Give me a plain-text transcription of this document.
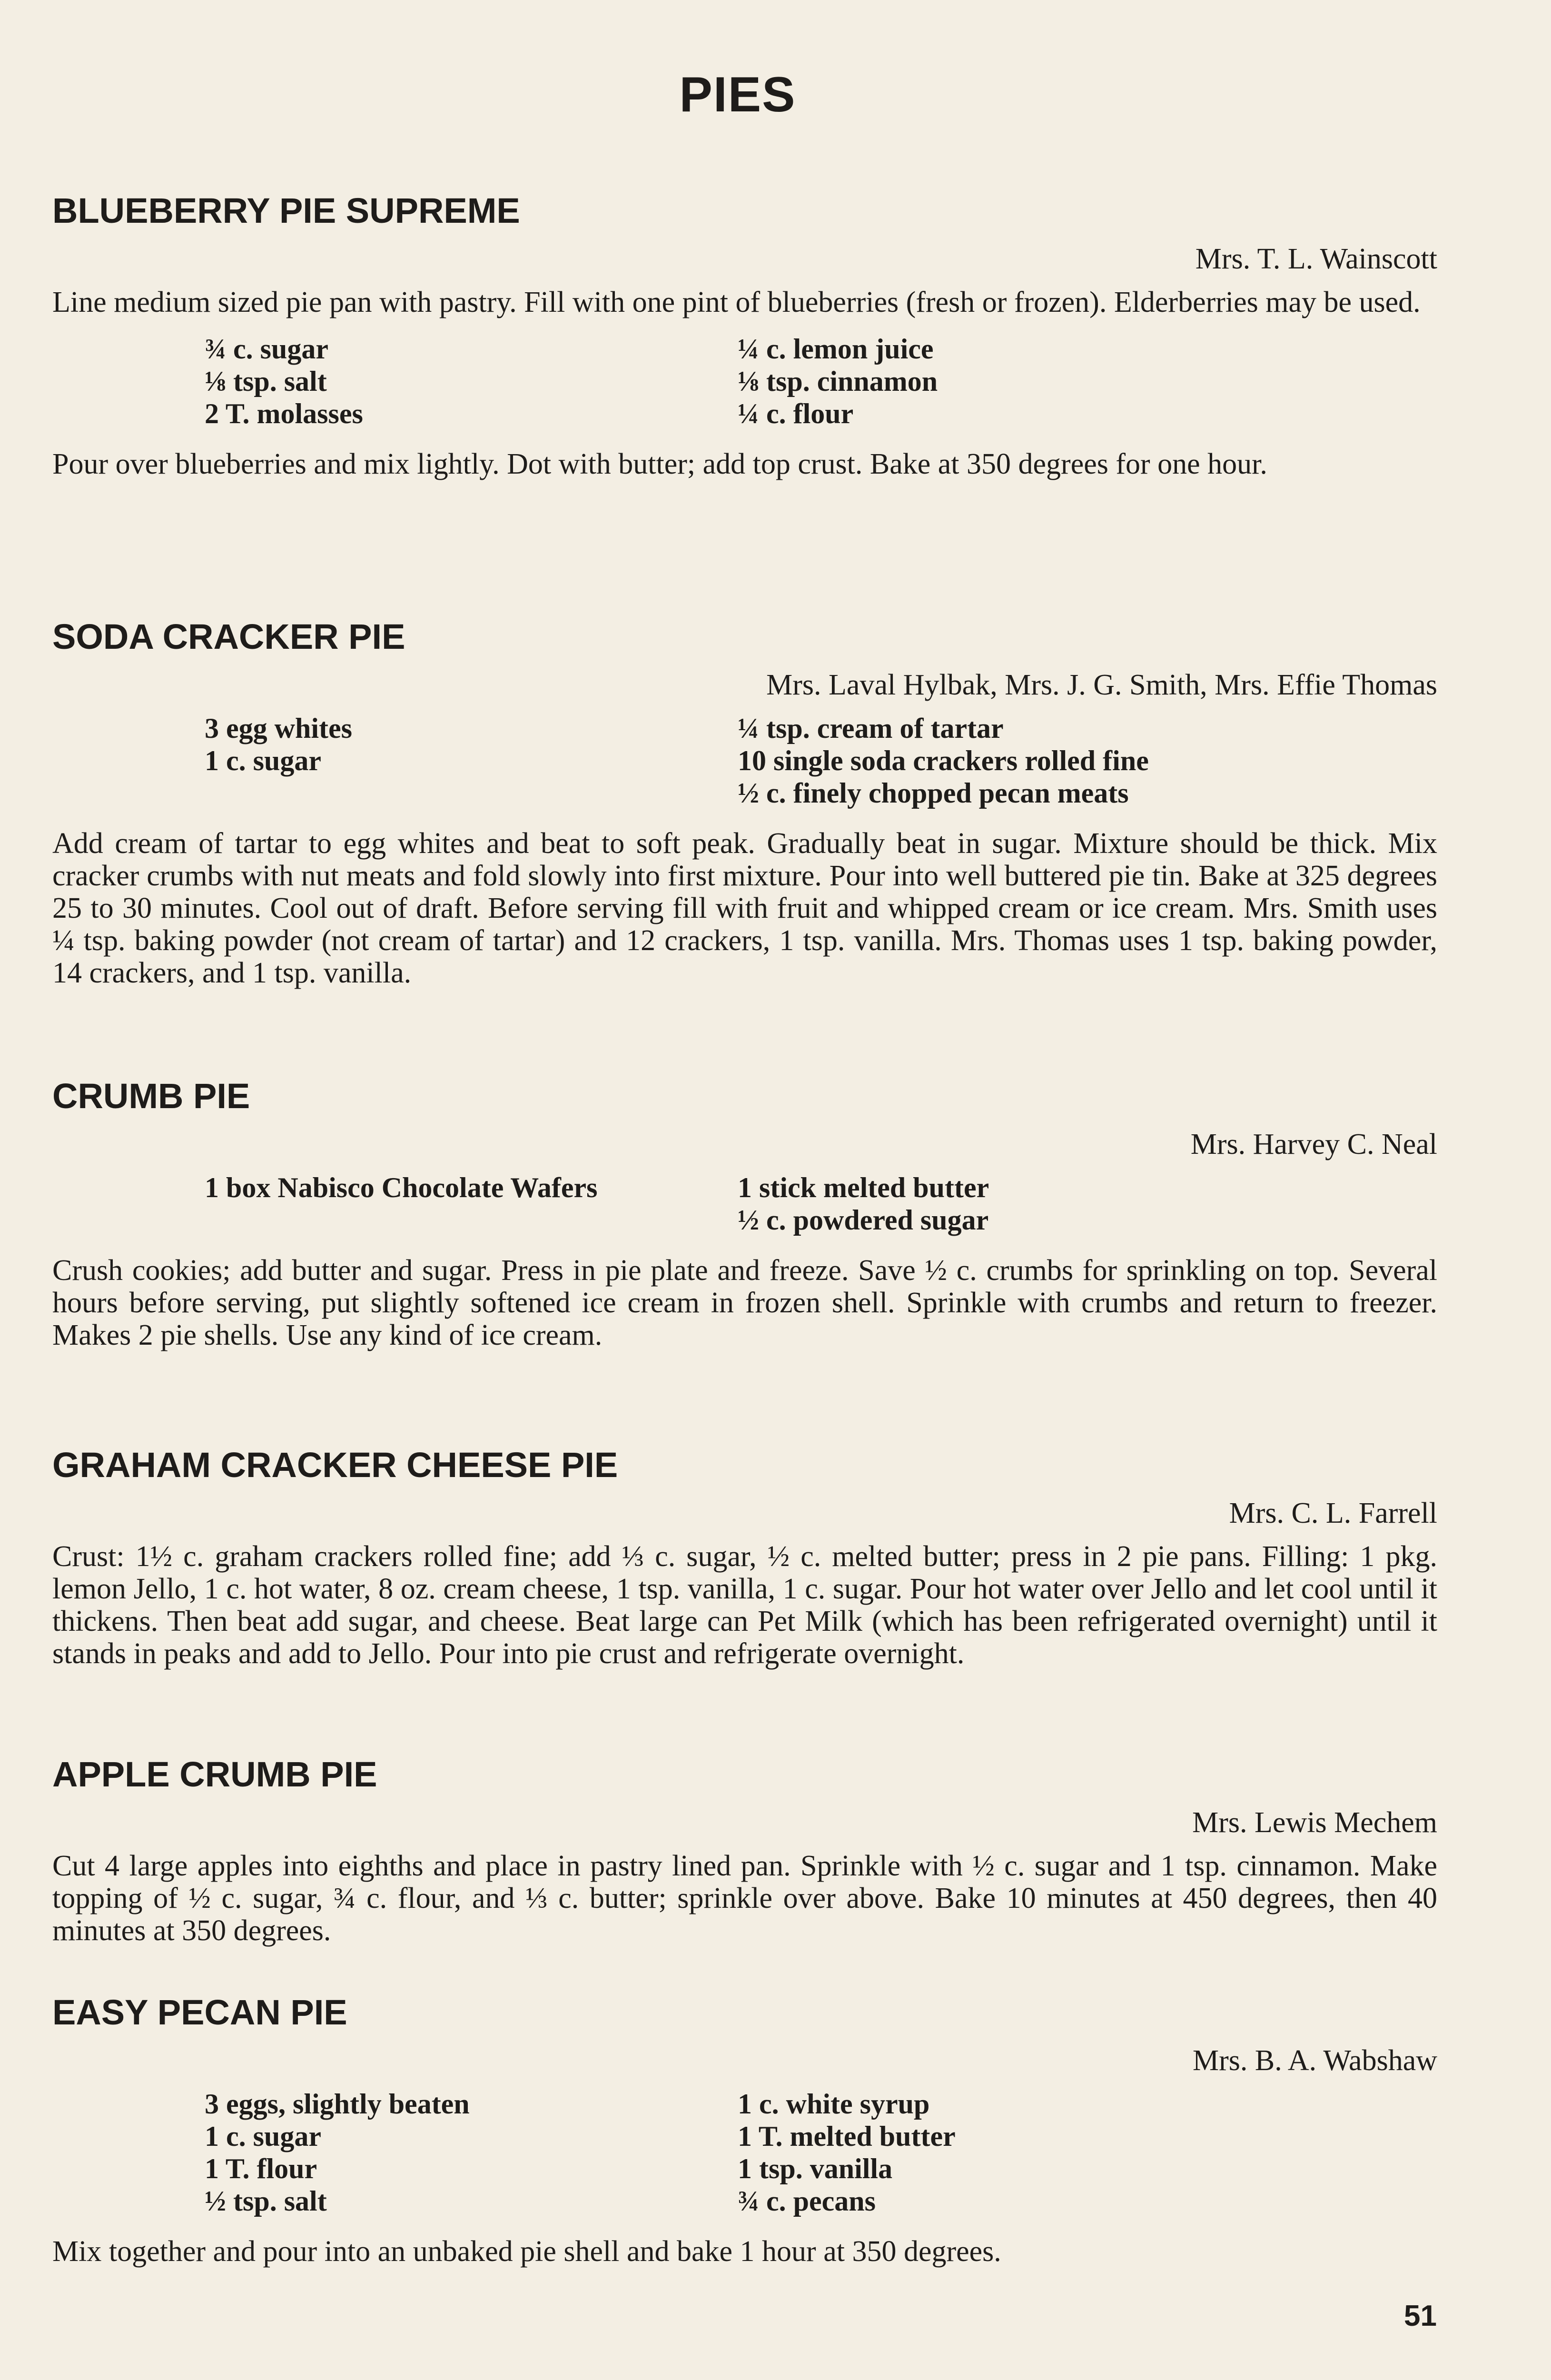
PIES
BLUEBERRY PIE SUPREME
Mrs. T. L. Wainscott

Line medium sized pie pan with pastry. Fill with one pint of blueberries (fresh or frozen). Elderberries may be used.

¾ c. sugar
⅛ tsp. salt
2 T. molasses
¼ c. lemon juice
⅛ tsp. cinnamon
¼ c. flour

Pour over blueberries and mix lightly. Dot with butter; add top crust. Bake at 350 degrees for one hour.

SODA CRACKER PIE
Mrs. Laval Hylbak, Mrs. J. G. Smith, Mrs. Effie Thomas
3 egg whites
1 c. sugar
¼ tsp. cream of tartar
10 single soda crackers rolled fine
½ c. finely chopped pecan meats

Add cream of tartar to egg whites and beat to soft peak. Gradually beat in sugar. Mixture should be thick. Mix cracker crumbs with nut meats and fold slowly into first mixture. Pour into well buttered pie tin. Bake at 325 degrees 25 to 30 minutes. Cool out of draft. Before serving fill with fruit and whipped cream or ice cream. Mrs. Smith uses ¼ tsp. baking powder (not cream of tartar) and 12 crackers, 1 tsp. vanilla. Mrs. Thomas uses 1 tsp. baking powder, 14 crackers, and 1 tsp. vanilla.

CRUMB PIE
Mrs. Harvey C. Neal
1 box Nabisco Chocolate Wafers	1 stick melted butter
½ c. powdered sugar

Crush cookies; add butter and sugar. Press in pie plate and freeze. Save ½ c. crumbs for sprinkling on top. Several hours before serving, put slightly softened ice cream in frozen shell. Sprinkle with crumbs and return to freezer. Makes 2 pie shells. Use any kind of ice cream.

GRAHAM CRACKER CHEESE PIE
Mrs. C. L. Farrell

Crust: 1½ c. graham crackers rolled fine; add ⅓ c. sugar, ½ c. melted butter; press in 2 pie pans. Filling: 1 pkg. lemon Jello, 1 c. hot water, 8 oz. cream cheese, 1 tsp. vanilla, 1 c. sugar. Pour hot water over Jello and let cool until it thickens. Then beat add sugar, and cheese. Beat large can Pet Milk (which has been refrigerated overnight) until it stands in peaks and add to Jello. Pour into pie crust and refrigerate overnight.

APPLE CRUMB PIE
Mrs. Lewis Mechem

Cut 4 large apples into eighths and place in pastry lined pan. Sprinkle with ½ c. sugar and 1 tsp. cinnamon. Make topping of ½ c. sugar, ¾ c. flour, and ⅓ c. butter; sprinkle over above. Bake 10 minutes at 450 degrees, then 40 minutes at 350 degrees.

EASY PECAN PIE
Mrs. B. A. Wabshaw
3 eggs, slightly beaten
1 c. sugar
1 T. flour
½ tsp. salt
1 c. white syrup
1 T. melted butter
1 tsp. vanilla
¾ c. pecans

Mix together and pour into an unbaked pie shell and bake 1 hour at 350 degrees.

51
